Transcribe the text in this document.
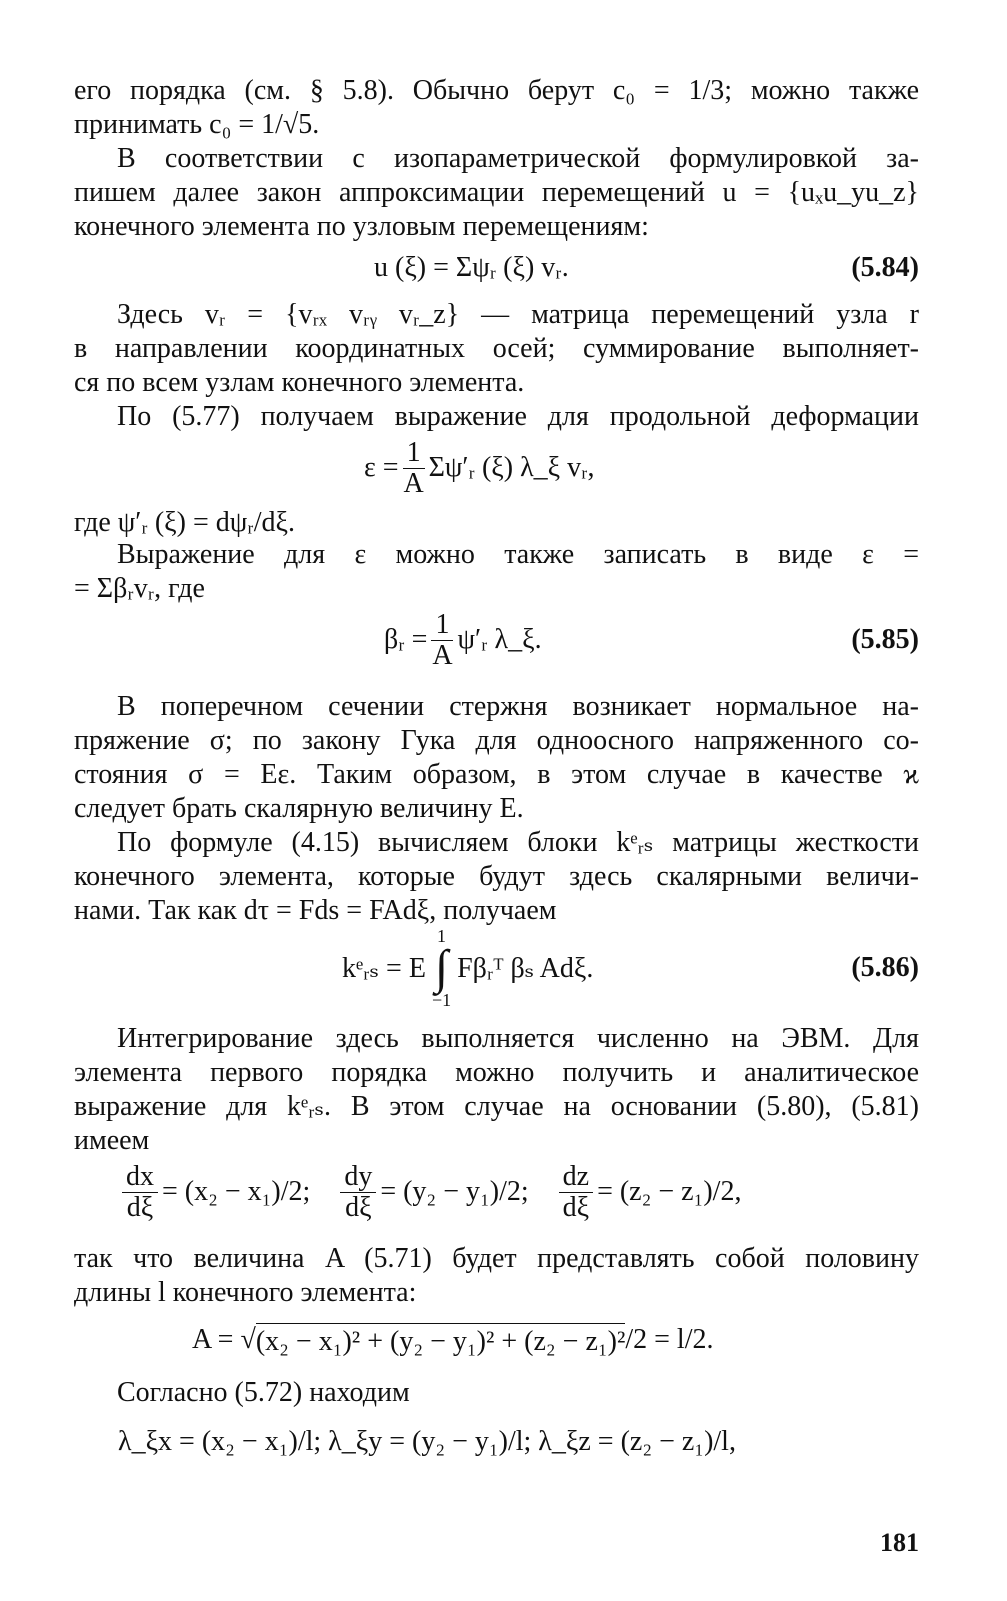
его порядка (см. § 5.8). Обычно берут c₀ = 1/3; можно также
принимать c₀ = 1/√5.
В соответствии с изопараметрической формулировкой за-
пишем далее закон аппроксимации перемещений u = {uₓu_yu_z}
конечного элемента по узловым перемещениям:
u (ξ) = Σψᵣ (ξ) vᵣ.	(5.84)
Здесь vᵣ = {vᵣₓ vᵣᵧ vᵣ_z} — матрица перемещений узла r
в направлении координатных осей; суммирование выполняет-
ся по всем узлам конечного элемента.
По (5.77) получаем выражение для продольной деформации
$\varepsilon = \frac{1}{A}$ Σψ′ᵣ (ξ) λ_ξ vᵣ,
где ψ′ᵣ (ξ) = dψᵣ/dξ.
Выражение для ε можно также записать в виде ε =
= Σβᵣvᵣ, где
βᵣ = $\frac{1}{A}$ ψ′ᵣ λ_ξ.	(5.85)
В поперечном сечении стержня возникает нормальное на-
пряжение σ; по закону Гука для одноосного напряженного со-
стояния σ = Eε. Таким образом, в этом случае в качестве ϰ
следует брать скалярную величину E.
По формуле (4.15) вычисляем блоки kᵉᵣₛ матрицы жесткости
конечного элемента, которые будут здесь скалярными величи-
нами. Так как dτ = Fds = FAdξ, получаем
kᵉᵣₛ = E
1
∫
−1
Fβᵣᵀ βₛ Adξ.	(5.86)
Интегрирование здесь выполняется численно на ЭВМ. Для
элемента первого порядка можно получить и аналитическое
выражение для kᵉᵣₛ. В этом случае на основании (5.80), (5.81)
имеем
$\frac{dx}{d\xi} = (x_2 - x_1)/2$; $\frac{dy}{d\xi} = (y_2 - y_1)/2$; $\frac{dz}{d\xi} = (z_2 - z_1)/2$,
так что величина A (5.71) будет представлять собой половину
длины l конечного элемента:
A = √ (x₂ − x₁)² + (y₂ − y₁)² + (z₂ − z₁)² /2 = l/2.
Согласно (5.72) находим
λ_ξx = (x₂ − x₁)/l; λ_ξy = (y₂ − y₁)/l; λ_ξz = (z₂ − z₁)/l,
181
